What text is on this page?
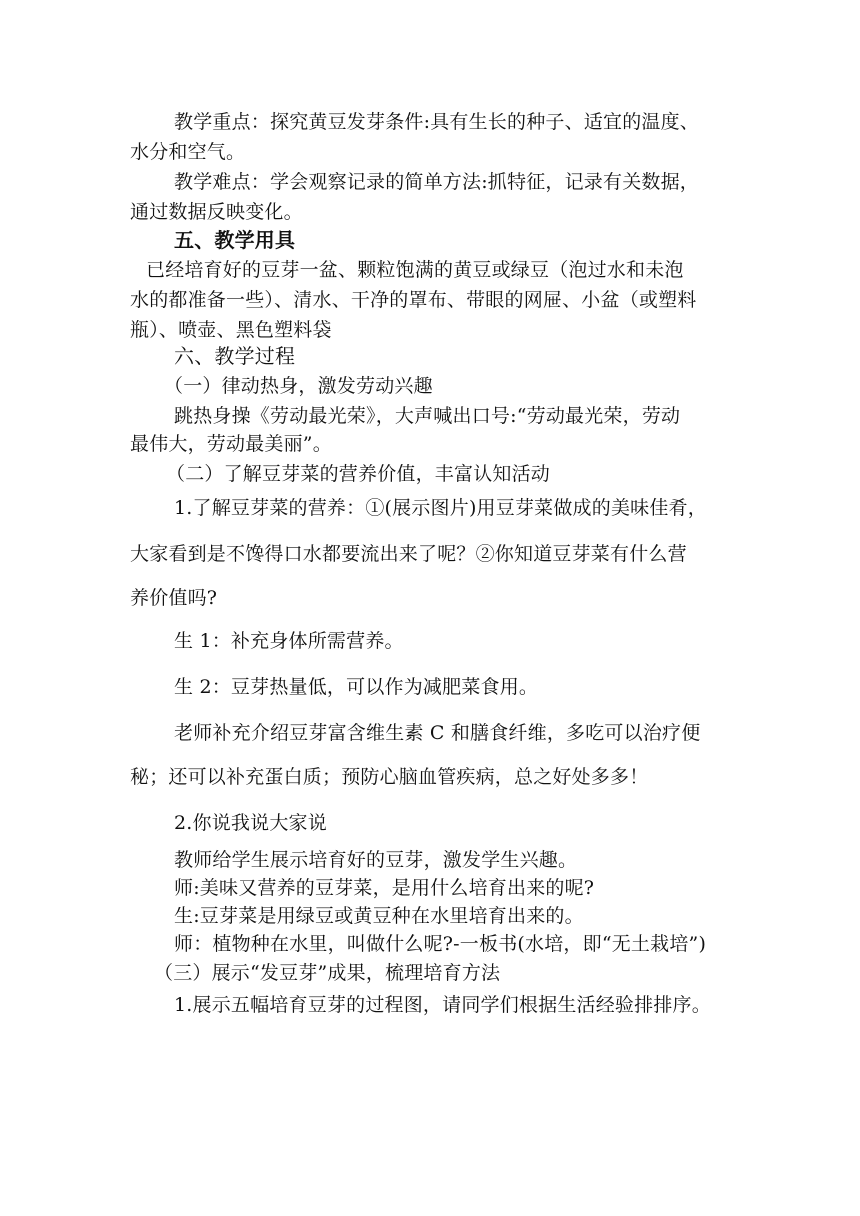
教学重点：探究黄豆发芽条件:具有生长的种子、适宜的温度、
水分和空气。
教学难点：学会观察记录的简单方法:抓特征，记录有关数据，
通过数据反映变化。
五、教学用具
已经培育好的豆芽一盆、颗粒饱满的黄豆或绿豆（泡过水和未泡
水的都准备一些）、清水、干净的罩布、带眼的网屉、小盆（或塑料
瓶）、喷壶、黑色塑料袋
六、教学过程
（一）律动热身，激发劳动兴趣
跳热身操《劳动最光荣》，大声喊出口号:“劳动最光荣，劳动
最伟大，劳动最美丽”。
（二）了解豆芽菜的营养价值，丰富认知活动
1.了解豆芽菜的营养：①(展示图片)用豆芽菜做成的美味佳肴，
大家看到是不馋得口水都要流出来了呢？②你知道豆芽菜有什么营
养价值吗?
生 1：补充身体所需营养。
生 2：豆芽热量低，可以作为减肥菜食用。
老师补充介绍豆芽富含维生素 C 和膳食纤维，多吃可以治疗便
秘；还可以补充蛋白质；预防心脑血管疾病，总之好处多多！
2.你说我说大家说
教师给学生展示培育好的豆芽，激发学生兴趣。
师:美味又营养的豆芽菜，是用什么培育出来的呢?
生:豆芽菜是用绿豆或黄豆种在水里培育出来的。
师：植物种在水里，叫做什么呢?-一板书(水培，即“无土栽培”)
（三）展示“发豆芽”成果，梳理培育方法
1.展示五幅培育豆芽的过程图，请同学们根据生活经验排排序。
